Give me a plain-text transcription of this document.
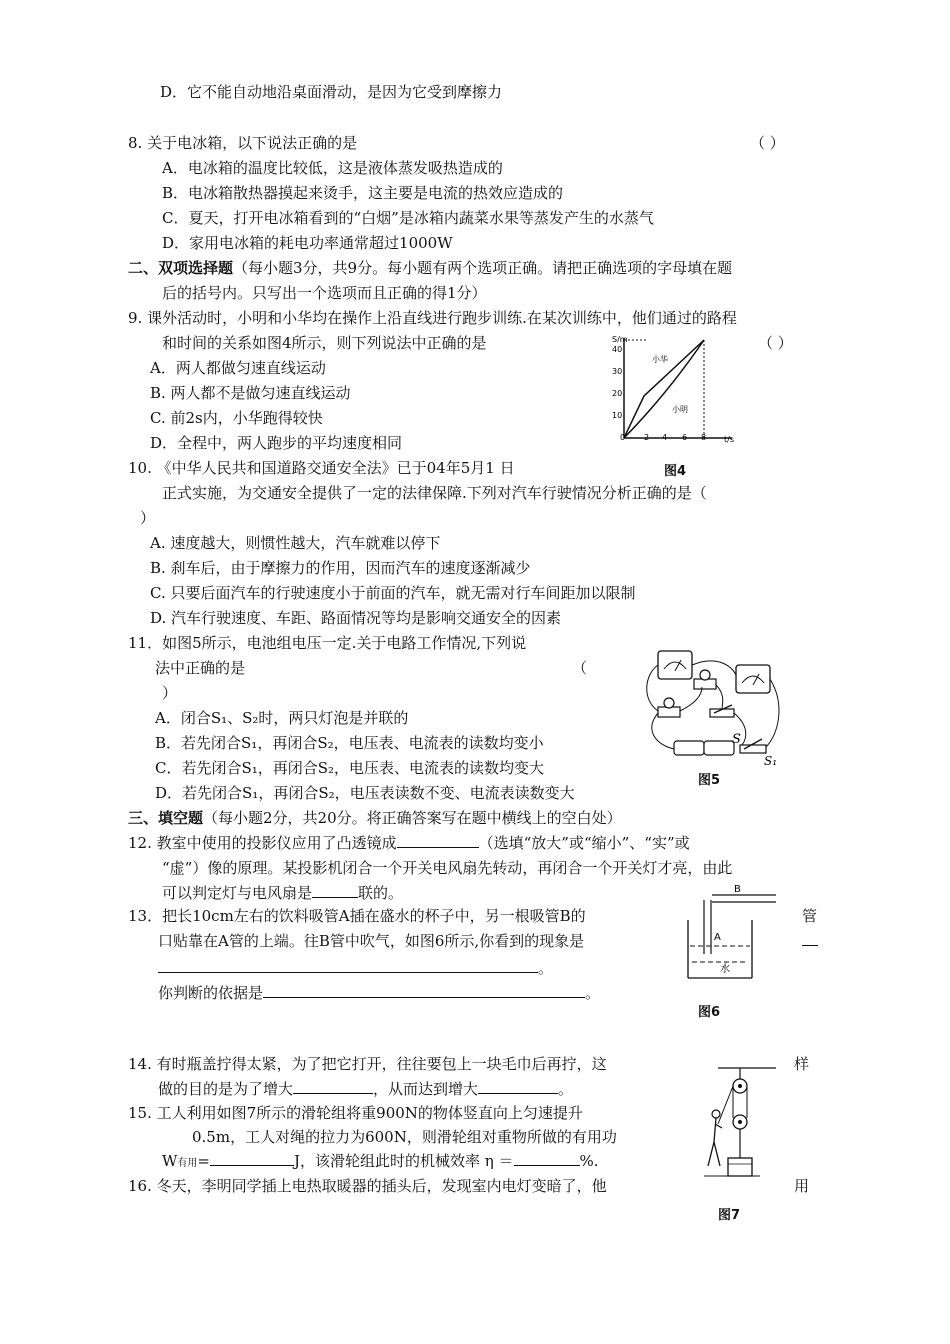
D．它不能自动地沿桌面滑动，是因为它受到摩擦力
8. 关于电冰箱，以下说法正确的是	（ ）
A．电冰箱的温度比较低，这是液体蒸发吸热造成的
B．电冰箱散热器摸起来烫手，这主要是电流的热效应造成的
C．夏天，打开电冰箱看到的“白烟”是冰箱内蔬菜水果等蒸发产生的水蒸气
D．家用电冰箱的耗电功率通常超过1000W
二、双项选择题（每小题3分，共9分。每小题有两个选项正确。请把正确选项的字母填在题
后的括号内。只写出一个选项而且正确的得1分）
9. 课外活动时，小明和小华均在操作上沿直线进行跑步训练.在某次训练中，他们通过的路程
和时间的关系如图4所示，则下列说法中正确的是	（ ）
A．两人都做匀速直线运动
B. 两人都不是做匀速直线运动
C. 前2s内，小华跑得较快
D．全程中，两人跑步的平均速度相同
S/m
t/s
40
30
20
10
0 2 4 6 8
小华
小明
图4
10. 《中华人民共和国道路交通安全法》已于04年5月1 日
正式实施，为交通安全提供了一定的法律保障.下列对汽车行驶情况分析正确的是（
）
A. 速度越大，则惯性越大，汽车就难以停下
B. 刹车后，由于摩擦力的作用，因而汽车的速度逐渐减少
C. 只要后面汽车的行驶速度小于前面的汽车，就无需对行车间距加以限制
D. 汽车行驶速度、车距、路面情况等均是影响交通安全的因素
11．如图5所示，电池组电压一定.关于电路工作情况,下列说
法中正确的是	（
）
A．闭合S₁、S₂时，两只灯泡是并联的
B．若先闭合S₁，再闭合S₂，电压表、电流表的读数均变小
C．若先闭合S₁，再闭合S₂，电压表、电流表的读数均变大
D．若先闭合S₁，再闭合S₂，电压表读数不变、电流表读数变大
S
S₁
图5
三、填空题（每小题2分，共20分。将正确答案写在题中横线上的空白处）
12. 教室中使用的投影仪应用了凸透镜成	（选填“放大”或“缩小”、“实”或
“虚”）像的原理。某投影机闭合一个开关电风扇先转动，再闭合一个开关灯才亮，由此
可以判定灯与电风扇是	联的。
13．把长10cm左右的饮料吸管A插在盛水的杯子中，另一根吸管B的	管
口贴靠在A管的上端。往B管中吹气，如图6所示,你看到的现象是
。
你判断的依据是	。
B
A
水
图6
14. 有时瓶盖拧得太紧，为了把它打开，往往要包上一块毛巾后再拧，这	样
做的目的是为了增大	，从而达到增大	。
15. 工人利用如图7所示的滑轮组将重900N的物体竖直向上匀速提升
0.5m，工人对绳的拉力为600N，则滑轮组对重物所做的有用功
W有用=	J，该滑轮组此时的机械效率 η ＝	%.
16. 冬天，李明同学插上电热取暖器的插头后，发现室内电灯变暗了，他	用
图7
